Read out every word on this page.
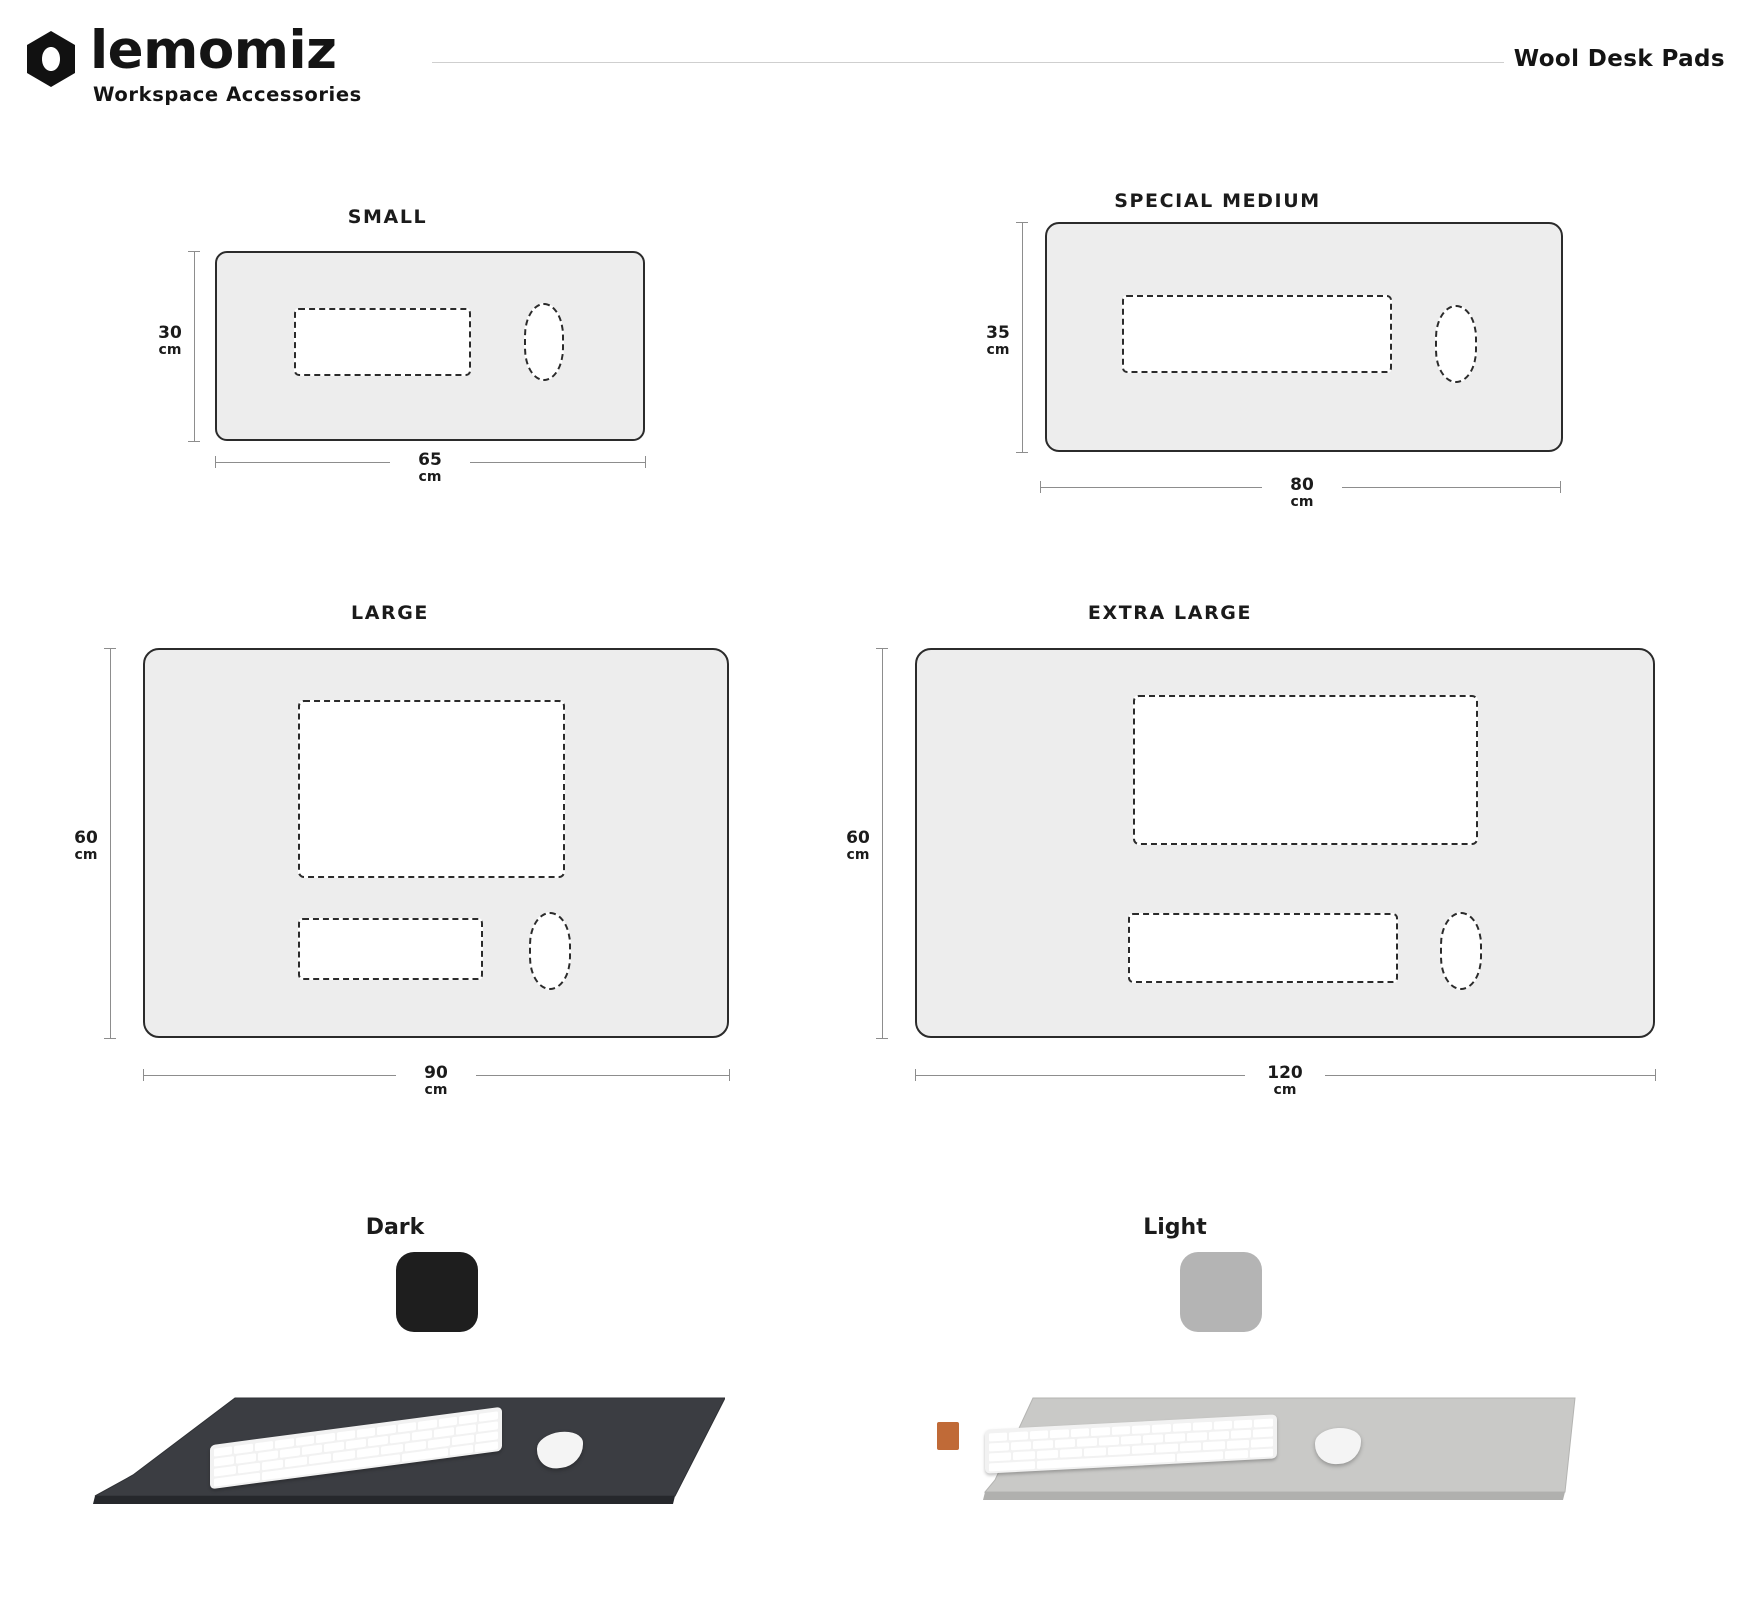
lemomiz
Workspace Accessories
Wool Desk Pads
SMALL
30
cm
65
cm
SPECIAL MEDIUM
35
cm
80
cm
LARGE
60
cm
90
cm
EXTRA LARGE
60
cm
120
cm
Dark	Light
